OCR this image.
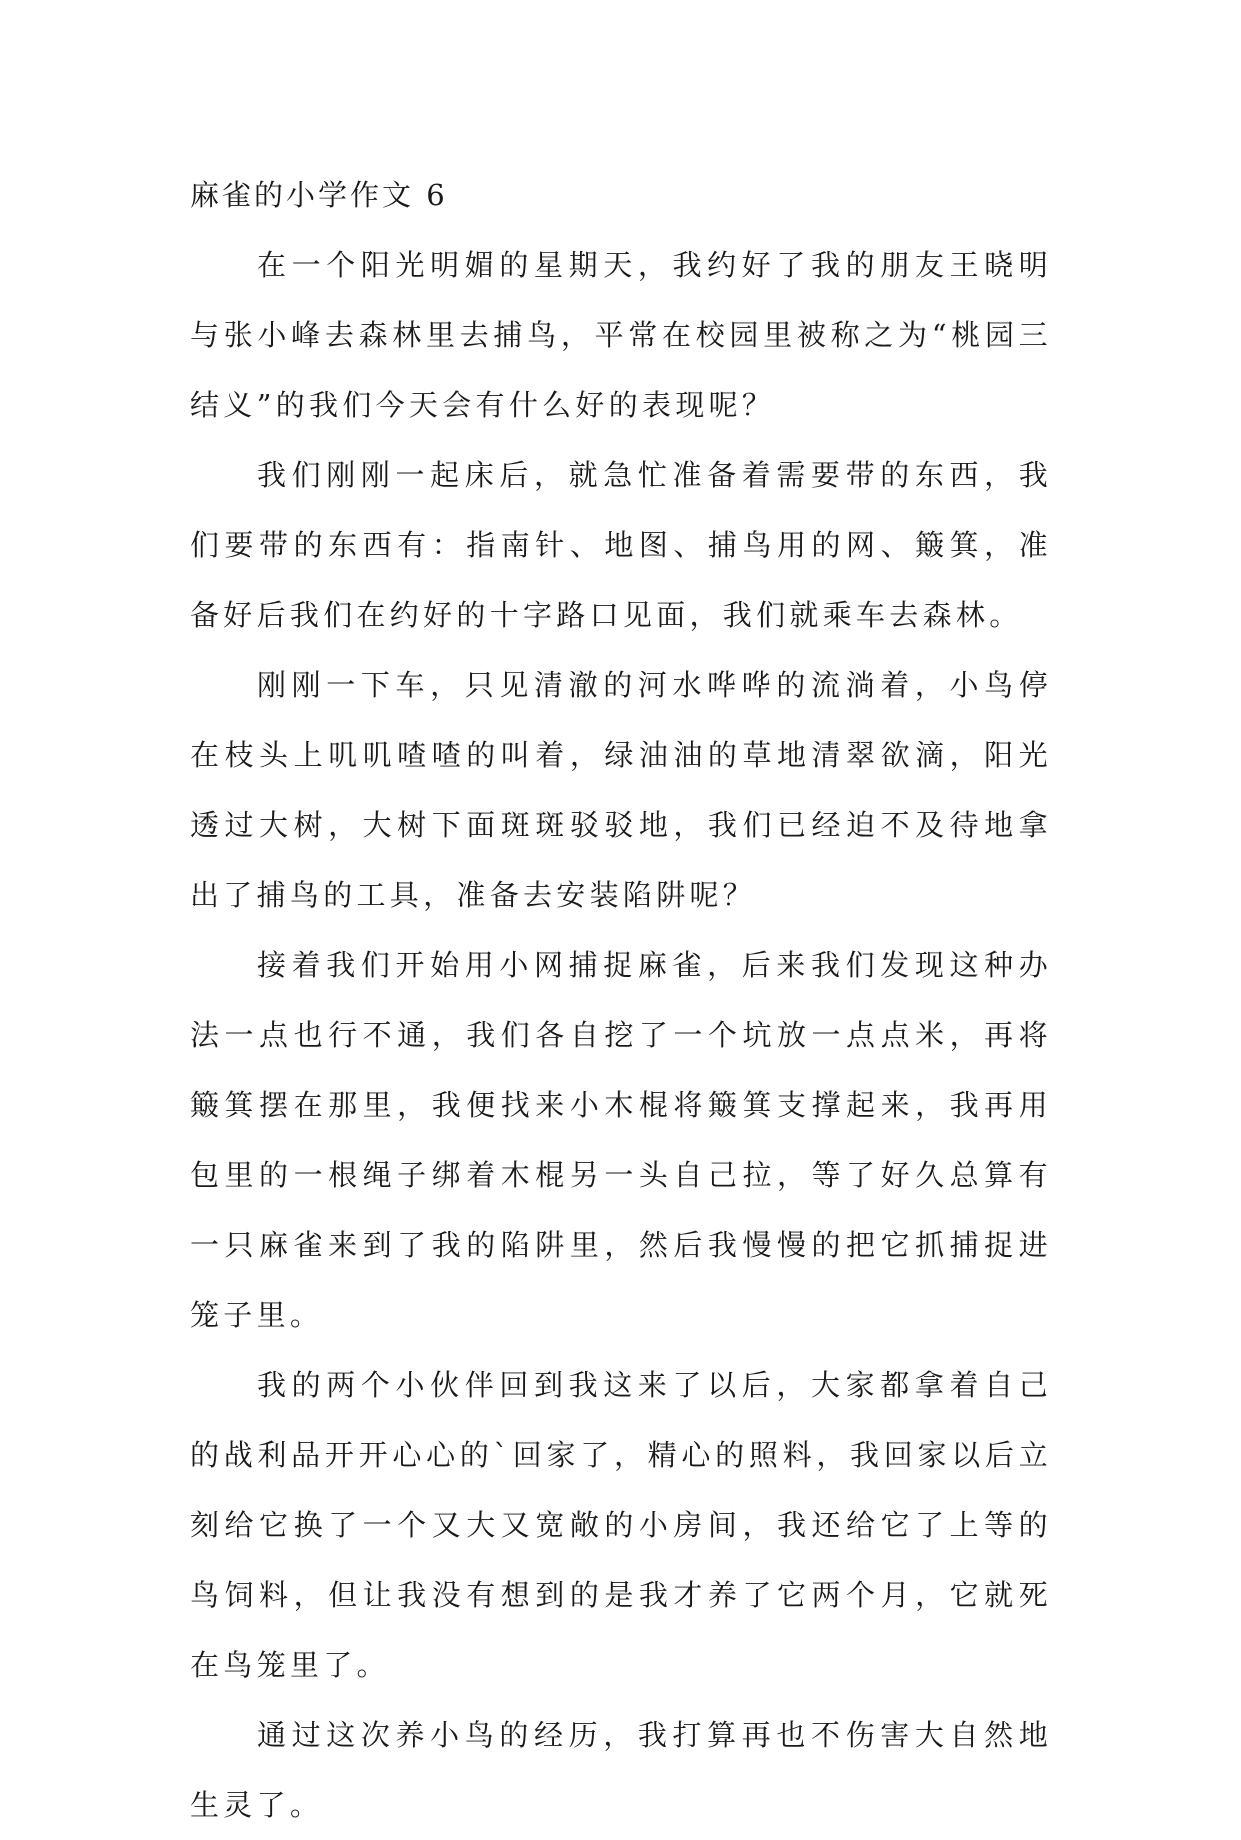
麻雀的小学作文 6

在一个阳光明媚的星期天，我约好了我的朋友王晓明与张小峰去森林里去捕鸟，平常在校园里被称之为“桃园三结义”的我们今天会有什么好的表现呢？

我们刚刚一起床后，就急忙准备着需要带的东西，我们要带的东西有：指南针、地图、捕鸟用的网、簸箕，准备好后我们在约好的十字路口见面，我们就乘车去森林。

刚刚一下车，只见清澈的河水哗哗的流淌着，小鸟停在枝头上叽叽喳喳的叫着，绿油油的草地清翠欲滴，阳光透过大树，大树下面斑斑驳驳地，我们已经迫不及待地拿出了捕鸟的工具，准备去安装陷阱呢？

接着我们开始用小网捕捉麻雀，后来我们发现这种办法一点也行不通，我们各自挖了一个坑放一点点米，再将簸箕摆在那里，我便找来小木棍将簸箕支撑起来，我再用包里的一根绳子绑着木棍另一头自己拉，等了好久总算有一只麻雀来到了我的陷阱里，然后我慢慢的把它抓捕捉进笼子里。

我的两个小伙伴回到我这来了以后，大家都拿着自己的战利品开开心心的`回家了，精心的照料，我回家以后立刻给它换了一个又大又宽敞的小房间，我还给它了上等的鸟饲料，但让我没有想到的是我才养了它两个月，它就死在鸟笼里了。

通过这次养小鸟的经历，我打算再也不伤害大自然地生灵了。
